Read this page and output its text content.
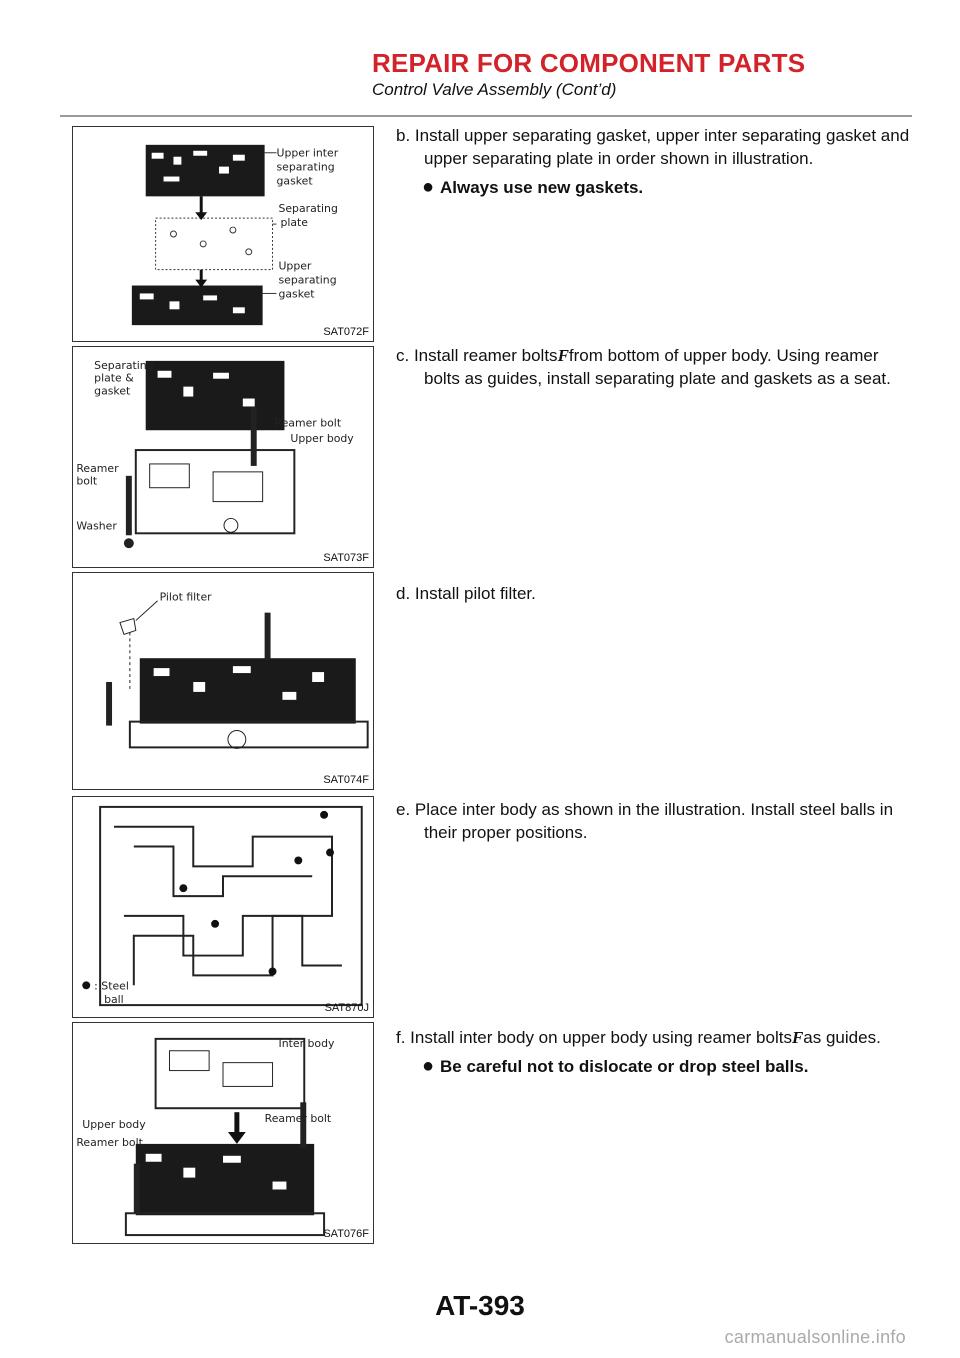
REPAIR FOR COMPONENT PARTS
Control Valve Assembly (Cont’d)
Upper inter
separating
gasket
Separating
plate
Upper
separating
gasket
SAT072F
Separating
plate &
gasket
Reamer bolt
Upper body
Reamer
bolt
Washer
SAT073F
Pilot filter
SAT074F
: Steel
ball
SAT870J
Inter body
Reamer bolt
Upper body
Reamer bolt
SAT076F

b. Install upper separating gasket, upper inter separating gasket and upper separating plate in order shown in illustration.

● Always use new gaskets.

c. Install reamer boltsFfrom bottom of upper body. Using reamer bolts as guides, install separating plate and gaskets as a seat.

d. Install pilot filter.

e. Place inter body as shown in the illustration. Install steel balls in their proper positions.

f. Install inter body on upper body using reamer boltsFas guides.

● Be careful not to dislocate or drop steel balls.
AT-393
carmanualsonline.info
